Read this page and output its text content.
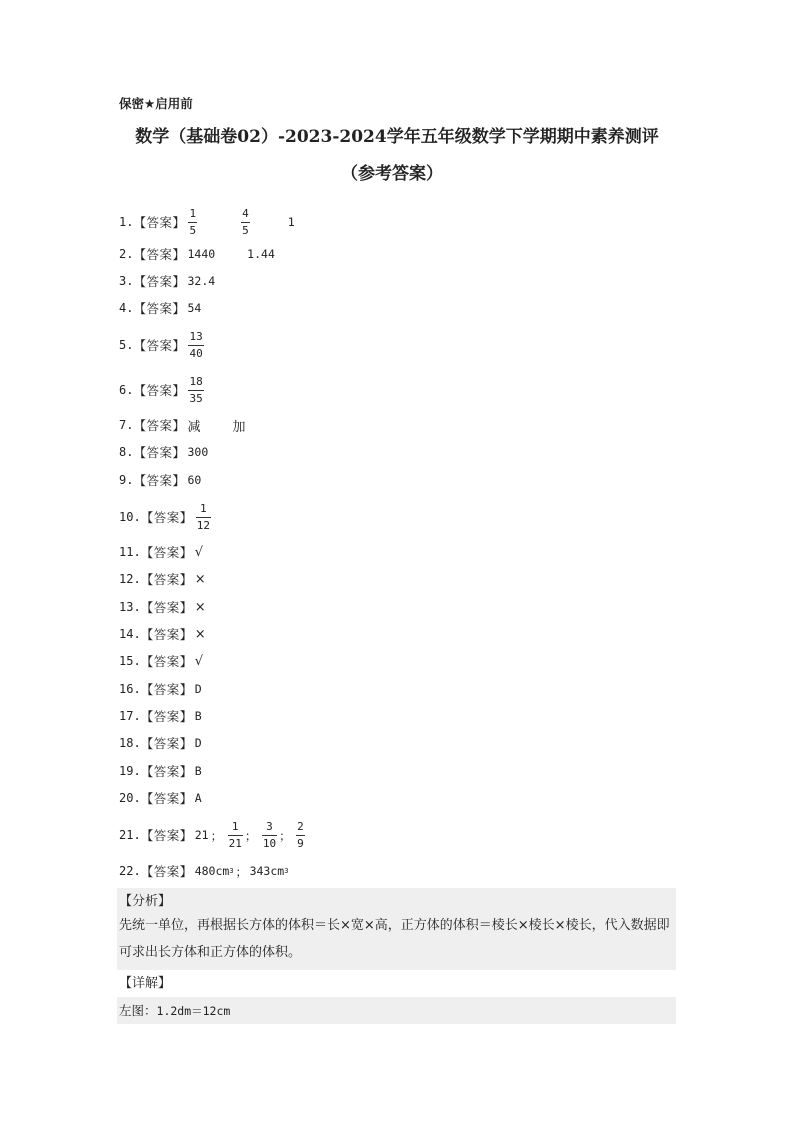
保密★启用前
数学（基础卷02）-2023-2024学年五年级数学下学期期中素养测评
（参考答案）
1. 【答案】 $\frac{1}{5}$	$\frac{4}{5}$	1
2. 【答案】 1440	1.44
3. 【答案】 32.4
4. 【答案】 54
5. 【答案】 $\frac{13}{40}$
6. 【答案】 $\frac{18}{35}$
7. 【答案】 减 加
8. 【答案】 300
9. 【答案】 60
10. 【答案】 $\frac{1}{12}$
11. 【答案】 √
12. 【答案】 ×
13. 【答案】 ×
14. 【答案】 ×
15. 【答案】 √
16. 【答案】 D
17. 【答案】 B
18. 【答案】 D
19. 【答案】 B
20. 【答案】 A
21. 【答案】 21 ； $\frac{1}{21}$ ； $\frac{3}{10}$ ； $\frac{2}{9}$
22. 【答案】 480cm 3 ； 343cm 3
【分析】
先统一单位，再根据长方体的体积＝长×宽×高，正方体的体积＝棱长×棱长×棱长，代入数据即可求出长方体和正方体的体积。
【详解】
左图：1.2dm＝12cm
